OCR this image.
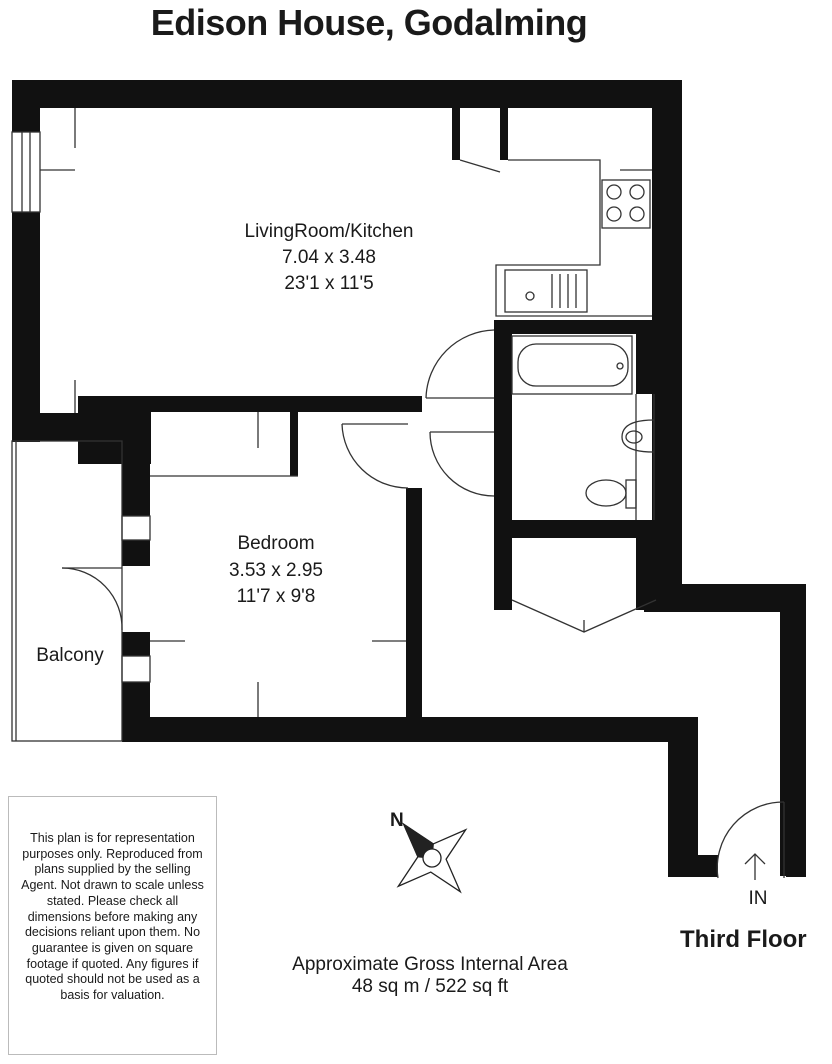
Edison House, Godalming
N
LivingRoom/Kitchen
7.04 x 3.48
23'1 x 11'5
Bedroom
3.53 x 2.95
11'7 x 9'8
Balcony
IN
Third Floor
This plan is for representation purposes only. Reproduced from plans supplied by the selling Agent. Not drawn to scale unless stated. Please check all dimensions before making any decisions reliant upon them. No guarantee is given on square footage if quoted. Any figures if quoted should not be used as a basis for valuation.
Approximate Gross Internal Area
48 sq m / 522 sq ft
